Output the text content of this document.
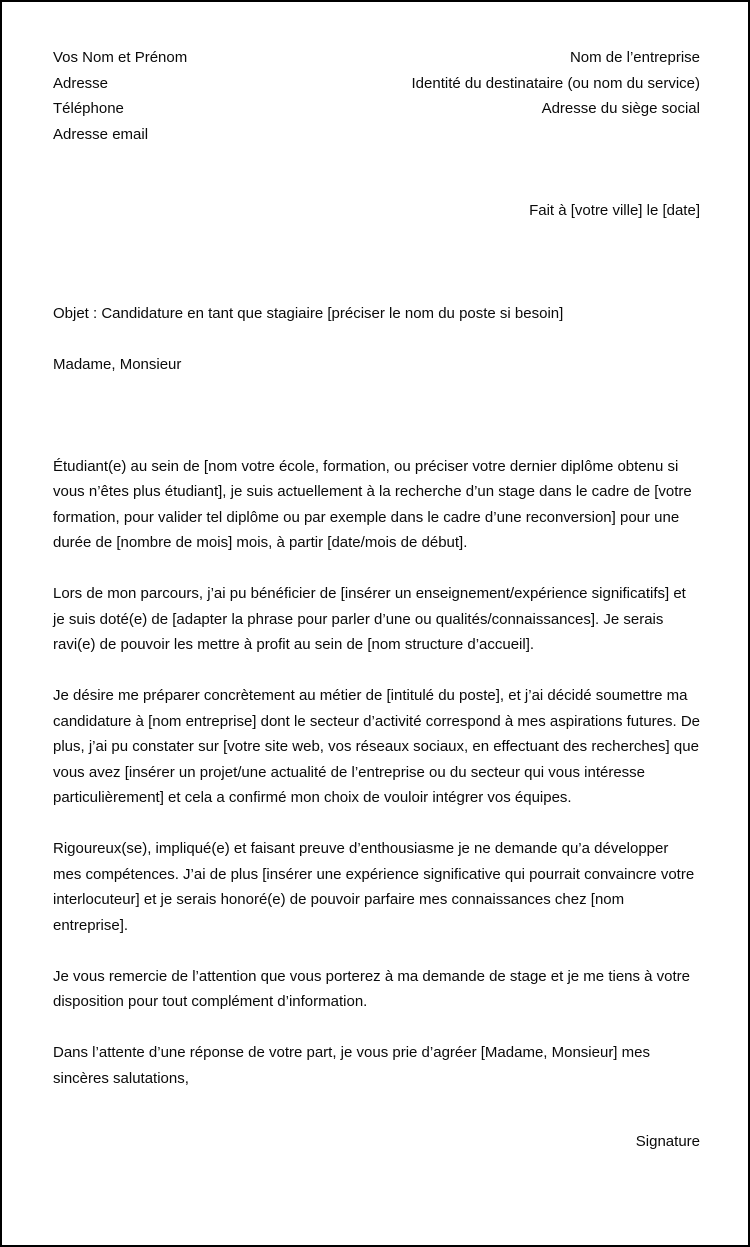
Vos Nom et Prénom
Adresse
Téléphone
Adresse email
Nom de l’entreprise
Identité du destinataire (ou nom du service)
Adresse du siège social
Fait à [votre ville] le [date]
Objet : Candidature en tant que stagiaire [préciser le nom du poste si besoin]
Madame, Monsieur

Étudiant(e) au sein de [nom votre école, formation, ou préciser votre dernier diplôme obtenu si vous n’êtes plus étudiant], je suis actuellement à la recherche d’un stage dans le cadre de [votre formation, pour valider tel diplôme ou par exemple dans le cadre d’une reconversion] pour une durée de [nombre de mois] mois, à partir [date/mois de début].

Lors de mon parcours, j’ai pu bénéficier de [insérer un enseignement/expérience significatifs] et je suis doté(e) de [adapter la phrase pour parler d’une ou qualités/connaissances]. Je serais ravi(e) de pouvoir les mettre à profit au sein de [nom structure d’accueil].

Je désire me préparer concrètement au métier de [intitulé du poste], et j’ai décidé soumettre ma candidature à [nom entreprise] dont le secteur d’activité correspond à mes aspirations futures. De plus, j’ai pu constater sur [votre site web, vos réseaux sociaux, en effectuant des recherches] que vous avez [insérer un projet/une actualité de l’entreprise ou du secteur qui vous intéresse particulièrement] et cela a confirmé mon choix de vouloir intégrer vos équipes.

Rigoureux(se), impliqué(e) et faisant preuve d’enthousiasme je ne demande qu’a développer mes compétences. J’ai de plus [insérer une expérience significative qui pourrait convaincre votre interlocuteur] et je serais honoré(e) de pouvoir parfaire mes connaissances chez [nom entreprise].

Je vous remercie de l’attention que vous porterez à ma demande de stage et je me tiens à votre disposition pour tout complément d’information.

Dans l’attente d’une réponse de votre part, je vous prie d’agréer [Madame, Monsieur] mes sincères salutations,

Signature
